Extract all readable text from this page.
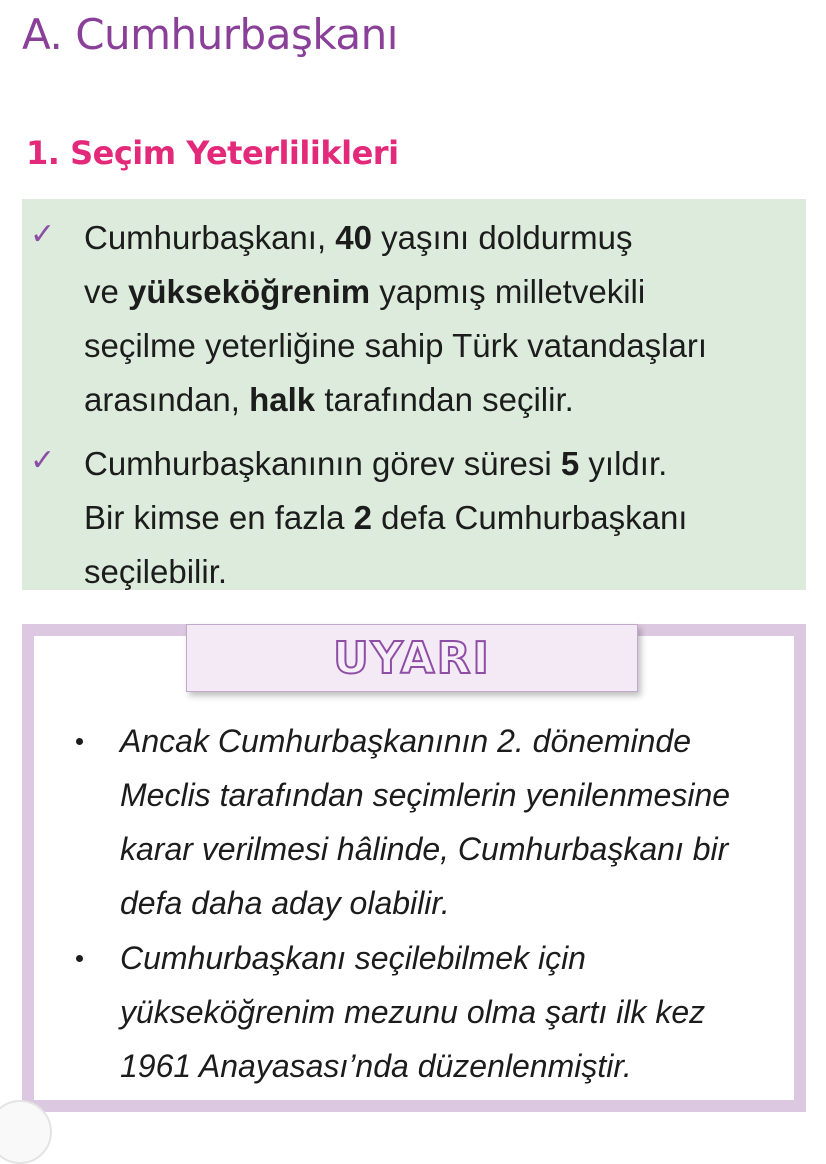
A. Cumhurbaşkanı
1. Seçim Yeterlilikleri
✓ Cumhurbaşkanı, 40 yaşını doldurmuş
ve yükseköğrenim yapmış milletvekili
seçilme yeterliğine sahip Türk vatandaşları
arasından, halk tarafından seçilir.
✓ Cumhurbaşkanının görev süresi 5 yıldır.
Bir kimse en fazla 2 defa Cumhurbaşkanı
seçilebilir.
Ancak Cumhurbaşkanının 2. döneminde
Meclis tarafından seçimlerin yenilenmesine
karar verilmesi hâlinde, Cumhurbaşkanı bir
defa daha aday olabilir.
Cumhurbaşkanı seçilebilmek için
yükseköğrenim mezunu olma şartı ilk kez
1961 Anayasası’nda düzenlenmiştir.
UYARI
